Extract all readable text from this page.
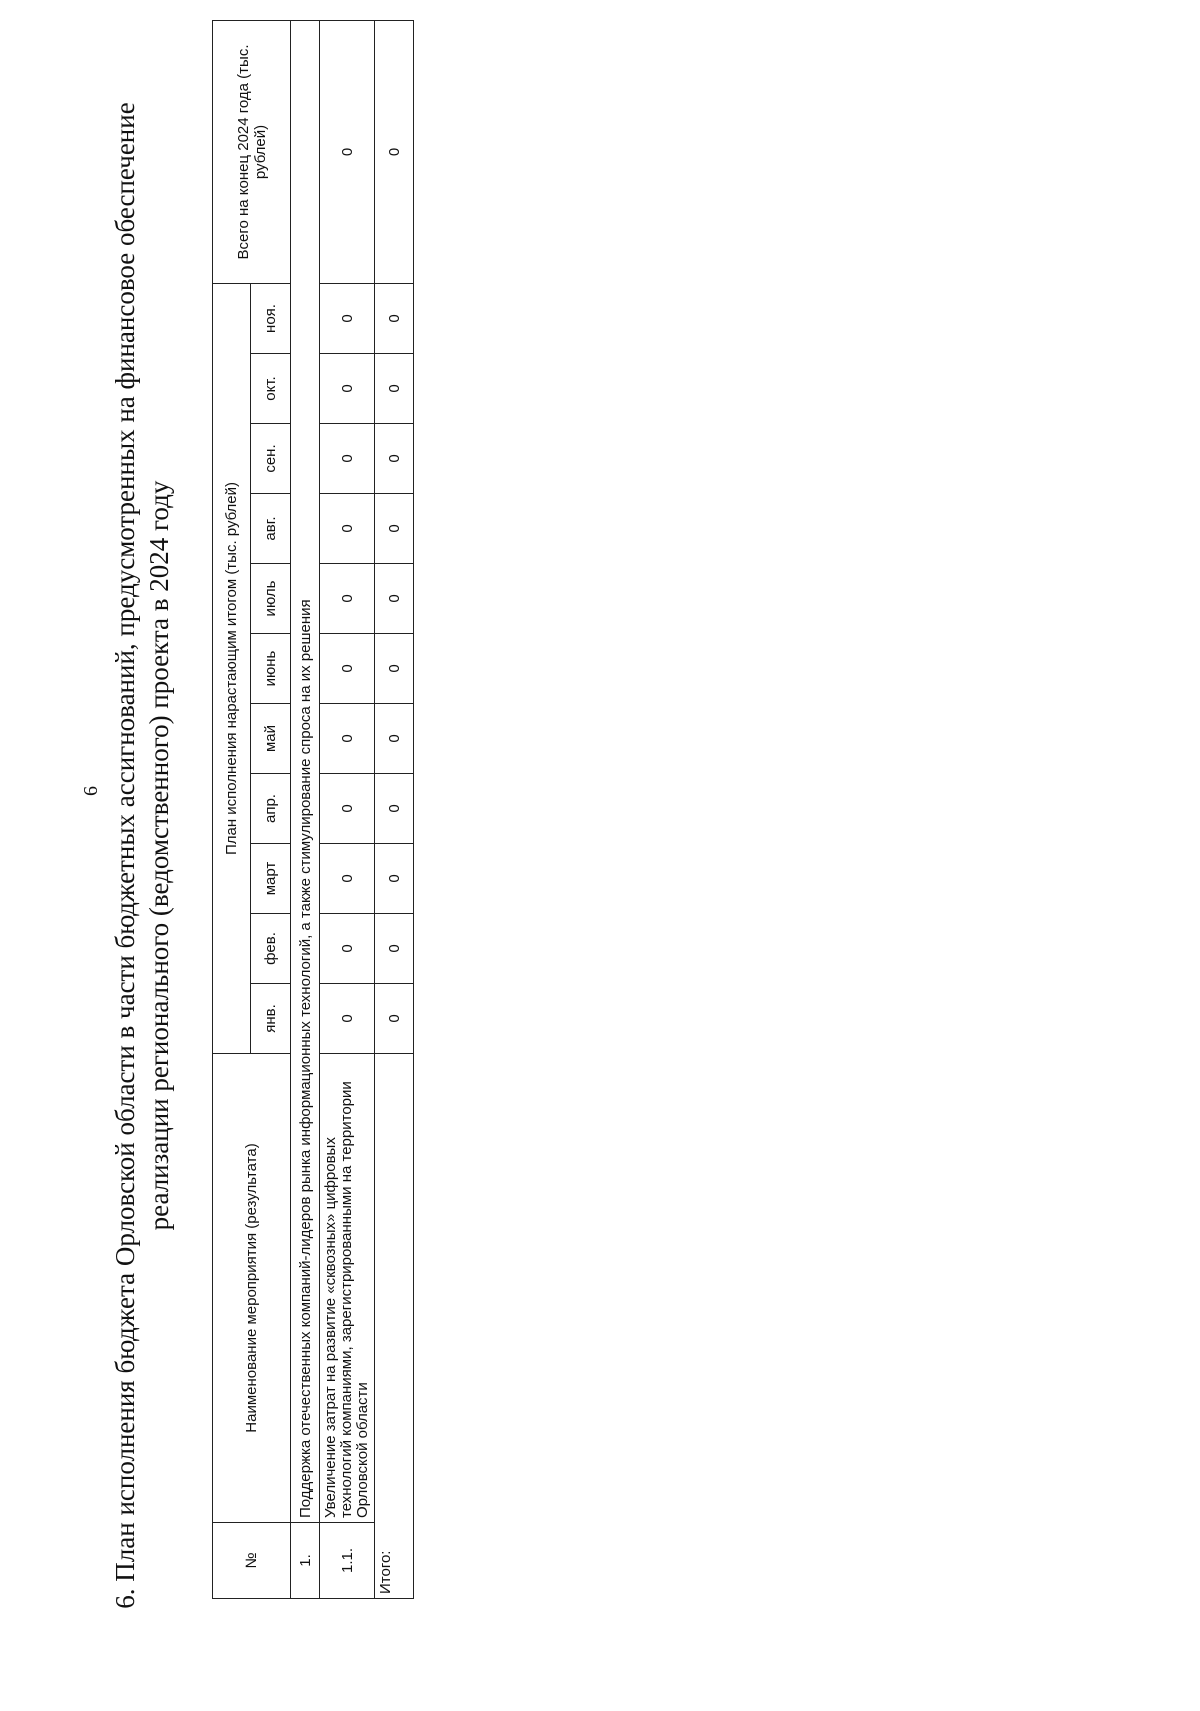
6 6. План исполнения бюджета Орловской области в части бюджетных ассигнований, предусмотренных на финансовое обеспечение реализации регионального (ведомственного) проекта в 2024 году
№	Наименование мероприятия (результата)	План исполнения нарастающим итогом (тыс. рублей)											Всего на конец 2024 года (тыс. рублей)
		янв.	фев.	март	апр.	май	июнь	июль	авг.	сен.	окт.	ноя.	
1.	Поддержка отечественных компаний-лидеров рынка информационных технологий, а также стимулирование спроса на их решения												
1.1.	Увеличение затрат на развитие «сквозных» цифровых технологий компаниями, зарегистрированными на территории Орловской области	0	0	0	0	0	0	0	0	0	0	0	0
Итого:		0	0	0	0	0	0	0	0	0	0	0	0
